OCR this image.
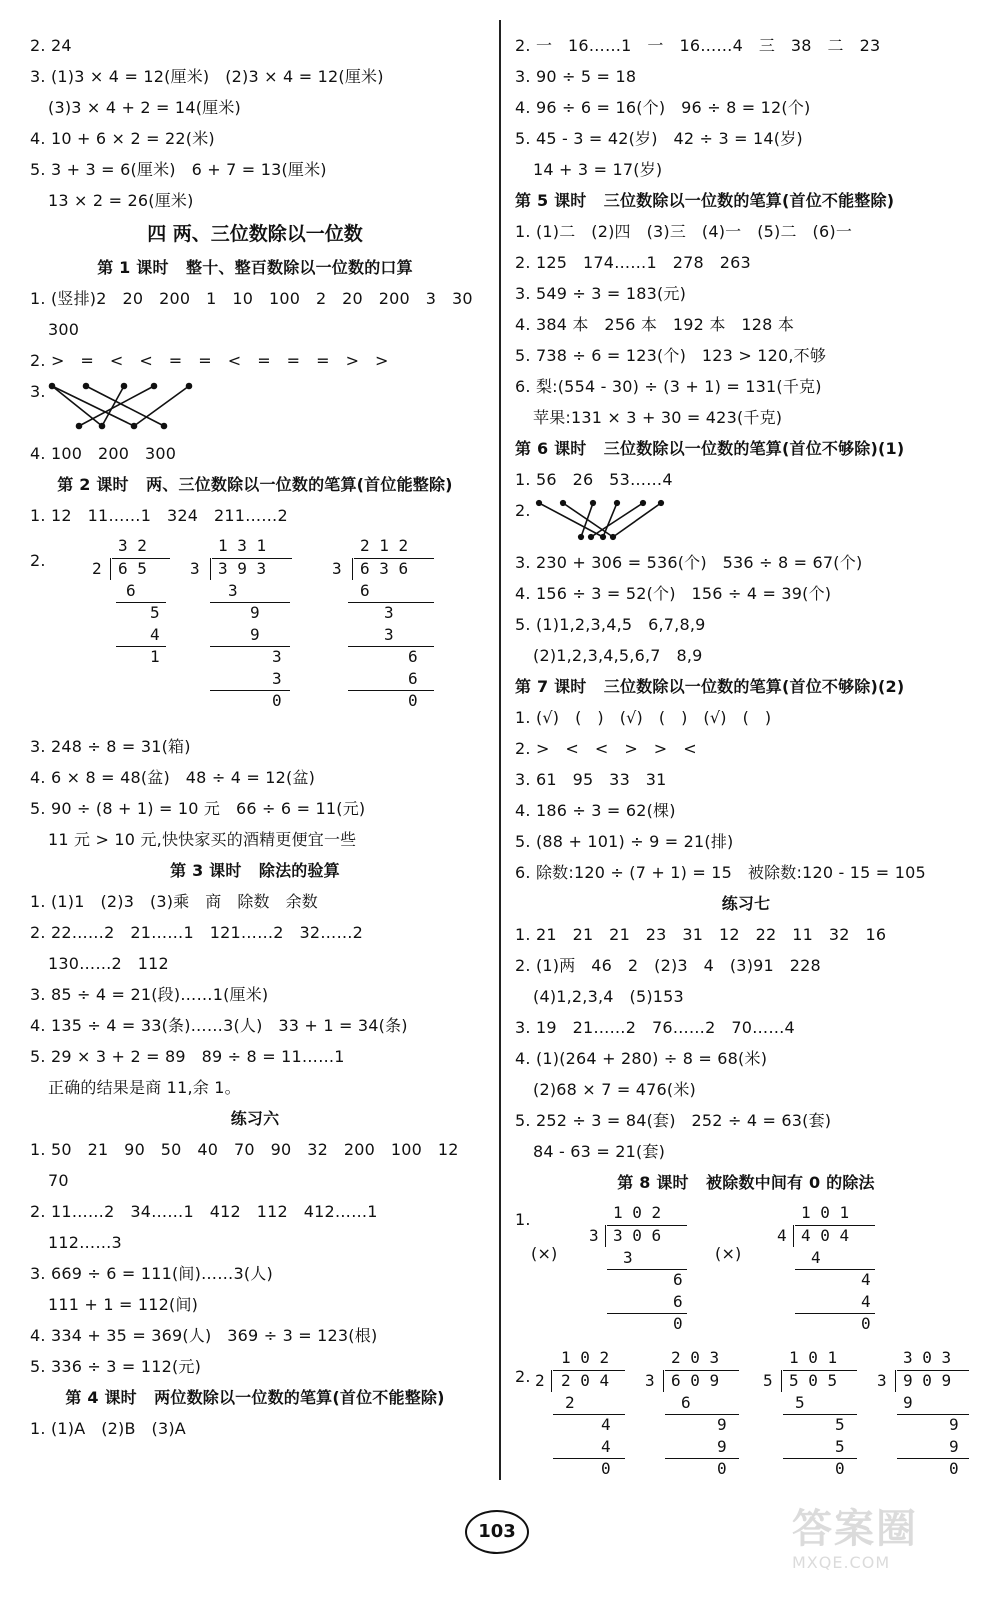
2. 24
3. (1)3 × 4 = 12(厘米)   (2)3 × 4 = 12(厘米)
(3)3 × 4 + 2 = 14(厘米)
4. 10 + 6 × 2 = 22(米)
5. 3 + 3 = 6(厘米)   6 + 7 = 13(厘米)
13 × 2 = 26(厘米)
四 两、三位数除以一位数
第 1 课时   整十、整百数除以一位数的口算
1. (竖排)2   20   200   1   10   100   2   20   200   3   30
300
2. >   =   <   <   =   =   <   =   =   =   >   >
3.
4. 100   200   300
第 2 课时   两、三位数除以一位数的笔算(首位能整除)
1. 12   11……1   324   211……2
2.
3 2
2 6 5
6
5
4
1
1 3 1
3 3 9 3
3
9
9
3
3
0
2 1 2
3 6 3 6
6
3
3
6
6
0
3. 248 ÷ 8 = 31(箱)
4. 6 × 8 = 48(盆)   48 ÷ 4 = 12(盆)
5. 90 ÷ (8 + 1) = 10 元   66 ÷ 6 = 11(元)
11 元 > 10 元,快快家买的酒精更便宜一些
第 3 课时   除法的验算
1. (1)1   (2)3   (3)乘   商   除数   余数
2. 22……2   21……1   121……2   32……2
130……2   112
3. 85 ÷ 4 = 21(段)……1(厘米)
4. 135 ÷ 4 = 33(条)……3(人)   33 + 1 = 34(条)
5. 29 × 3 + 2 = 89   89 ÷ 8 = 11……1
正确的结果是商 11,余 1。
练习六
1. 50   21   90   50   40   70   90   32   200   100   12
70
2. 11……2   34……1   412   112   412……1
112……3
3. 669 ÷ 6 = 111(间)……3(人)
111 + 1 = 112(间)
4. 334 + 35 = 369(人)   369 ÷ 3 = 123(根)
5. 336 ÷ 3 = 112(元)
第 4 课时   两位数除以一位数的笔算(首位不能整除)
1. (1)A   (2)B   (3)A
2. 一   16……1   一   16……4   三   38   二   23
3. 90 ÷ 5 = 18
4. 96 ÷ 6 = 16(个)   96 ÷ 8 = 12(个)
5. 45 - 3 = 42(岁)   42 ÷ 3 = 14(岁)
14 + 3 = 17(岁)
第 5 课时   三位数除以一位数的笔算(首位不能整除)
1. (1)二   (2)四   (3)三   (4)一   (5)二   (6)一
2. 125   174……1   278   263
3. 549 ÷ 3 = 183(元)
4. 384 本   256 本   192 本   128 本
5. 738 ÷ 6 = 123(个)   123 > 120,不够
6. 梨:(554 - 30) ÷ (3 + 1) = 131(千克)
苹果:131 × 3 + 30 = 423(千克)
第 6 课时   三位数除以一位数的笔算(首位不够除)(1)
1. 56   26   53……4
2.
3. 230 + 306 = 536(个)   536 ÷ 8 = 67(个)
4. 156 ÷ 3 = 52(个)   156 ÷ 4 = 39(个)
5. (1)1,2,3,4,5   6,7,8,9
(2)1,2,3,4,5,6,7   8,9
第 7 课时   三位数除以一位数的笔算(首位不够除)(2)
1. (√)   (   )   (√)   (   )   (√)   (   )
2. >   <   <   >   >   <
3. 61   95   33   31
4. 186 ÷ 3 = 62(棵)
5. (88 + 101) ÷ 9 = 21(排)
6. 除数:120 ÷ (7 + 1) = 15   被除数:120 - 15 = 105
练习七
1. 21   21   21   23   31   12   22   11   32   16
2. (1)两   46   2   (2)3   4   (3)91   228
(4)1,2,3,4   (5)153
3. 19   21……2   76……2   70……4
4. (1)(264 + 280) ÷ 8 = 68(米)
(2)68 × 7 = 476(米)
5. 252 ÷ 3 = 84(套)   252 ÷ 4 = 63(套)
84 - 63 = 21(套)
第 8 课时   被除数中间有 0 的除法
1.
(×)
1 0 2
3 3 0 6
3
6
6
0
(×)
1 0 1
4 4 0 4
4
4
4
0
2.
1 0 2
2 2 0 4
2
4
4
0
2 0 3
3 6 0 9
6
9
9
0
1 0 1
5 5 0 5
5
5
5
0
3 0 3
3 9 0 9
9
9
9
0
103	答案圈
MXQE.COM
